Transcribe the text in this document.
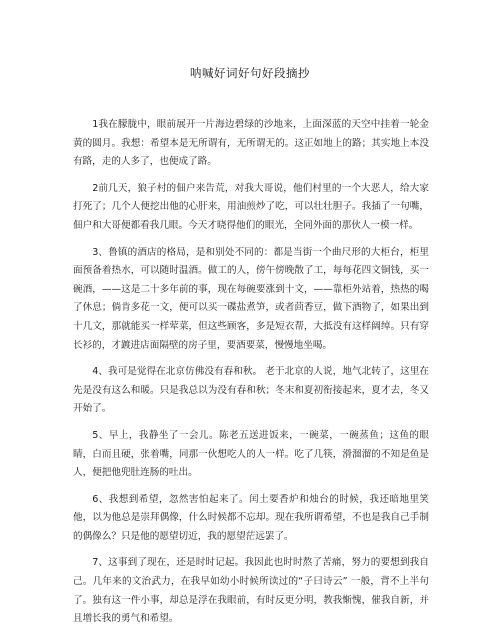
呐喊好词好句好段摘抄

1我在朦胧中，眼前展开一片海边碧绿的沙地来，上面深蓝的天空中挂着一轮金黄的圆月。我想：希望本是无所谓有，无所谓无的。这正如地上的路；其实地上本没有路，走的人多了，也便成了路。

2前几天，狼子村的佃户来告荒，对我大哥说，他们村里的一个大恶人，给大家打死了；几个人便挖出他的心肝来，用油煎炒了吃，可以壮壮胆子。我插了一句嘴，佃户和大哥便都看我几眼。今天才晓得他们的眼光，全同外面的那伙人一模一样。

3、鲁镇的酒店的格局，是和别处不同的：都是当街一个曲尺形的大柜台，柜里面预备着热水，可以随时温酒。做工的人，傍午傍晚散了工，每每花四文铜钱，买一碗酒，——这是二十多年前的事，现在每碗要涨到十文，——靠柜外站着，热热的喝了休息；倘肯多花一文，便可以买一碟盐煮笋，或者茴香豆，做下酒物了，如果出到十几文，那就能买一样荤菜，但这些顾客，多是短衣帮，大抵没有这样阔绰。只有穿长衫的，才踱进店面隔壁的房子里，要酒要菜，慢慢地坐喝。

4、我可是觉得在北京仿佛没有春和秋。 老于北京的人说，地气北转了，这里在先是没有这么和暖。只是我总以为没有春和秋；冬末和夏初衔接起来，夏才去，冬又开始了。

5、早上，我静坐了一会儿。陈老五送进饭来，一碗菜，一碗蒸鱼；这鱼的眼睛，白而且硬，张着嘴，同那一伙想吃人的人一样。吃了几筷，滑溜溜的不知是鱼是人，便把他兜肚连肠的吐出。

6、我想到希望，忽然害怕起来了。闰土要香炉和烛台的时候，我还暗地里笑他，以为他总是崇拜偶像，什么时候都不忘却。现在我所谓希望，不也是我自己手制的偶像么？只是他的愿望切近，我的愿望茫远罢了。

7、这事到了现在，还是时时记起。我因此也时时熬了苦痛，努力的要想到我自己。几年来的文治武力，在我早如幼小时候所读过的“子曰诗云” 一般，背不上半句了。独有这一件小事，却总是浮在我眼前，有时反更分明，教我惭愧，催我自新，并且增长我的勇气和希望。
